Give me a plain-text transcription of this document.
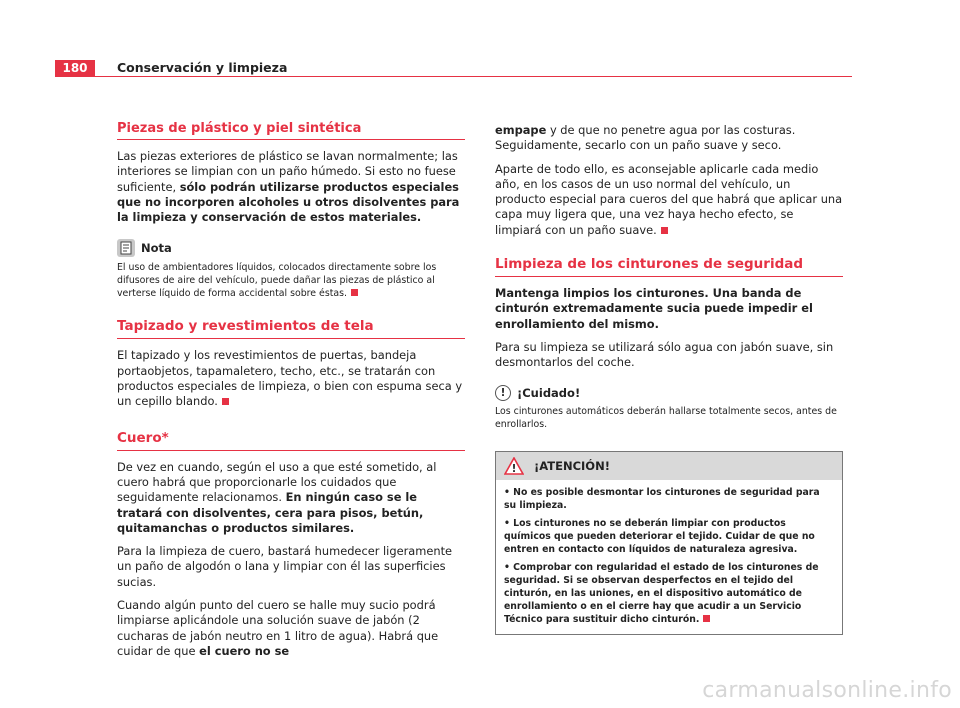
180	Conservación y limpieza
Piezas de plástico y piel sintética

Las piezas exteriores de plástico se lavan normalmente; las interiores se limpian con un paño húmedo. Si esto no fuese suficiente, sólo podrán utilizarse productos especiales que no incorporen alcoholes u otros disolventes para la limpieza y conservación de estos materiales.

Nota

El uso de ambientadores líquidos, colocados directamente sobre los difusores de aire del vehículo, puede dañar las piezas de plástico al verterse líquido de forma accidental sobre éstas.

Tapizado y revestimientos de tela

El tapizado y los revestimientos de puertas, bandeja portaobjetos, tapamaletero, techo, etc., se tratarán con productos especiales de limpieza, o bien con espuma seca y un cepillo blando.

Cuero*

De vez en cuando, según el uso a que esté sometido, al cuero habrá que proporcionarle los cuidados que seguidamente relacionamos. En ningún caso se le tratará con disolventes, cera para pisos, betún, quitamanchas o productos similares.

Para la limpieza de cuero, bastará humedecer ligeramente un paño de algodón o lana y limpiar con él las superficies sucias.

Cuando algún punto del cuero se halle muy sucio podrá limpiarse aplicándole una solución suave de jabón (2 cucharas de jabón neutro en 1 litro de agua). Habrá que cuidar de que el cuero no se

empape y de que no penetre agua por las costuras. Seguidamente, secarlo con un paño suave y seco.

Aparte de todo ello, es aconsejable aplicarle cada medio año, en los casos de un uso normal del vehículo, un producto especial para cueros del que habrá que aplicar una capa muy ligera que, una vez haya hecho efecto, se limpiará con un paño suave.

Limpieza de los cinturones de seguridad

Mantenga limpios los cinturones. Una banda de cinturón extremadamente sucia puede impedir el enrollamiento del mismo.

Para su limpieza se utilizará sólo agua con jabón suave, sin desmontarlos del coche.

! ¡Cuidado!

Los cinturones automáticos deberán hallarse totalmente secos, antes de enrollarlos.

! ¡ATENCIÓN!

• No es posible desmontar los cinturones de seguridad para su limpieza.

• Los cinturones no se deberán limpiar con productos químicos que pueden deteriorar el tejido. Cuidar de que no entren en contacto con líquidos de naturaleza agresiva.

• Comprobar con regularidad el estado de los cinturones de seguridad. Si se observan desperfectos en el tejido del cinturón, en las uniones, en el dispositivo automático de enrollamiento o en el cierre hay que acudir a un Servicio Técnico para sustituir dicho cinturón.

carmanualsonline.info
